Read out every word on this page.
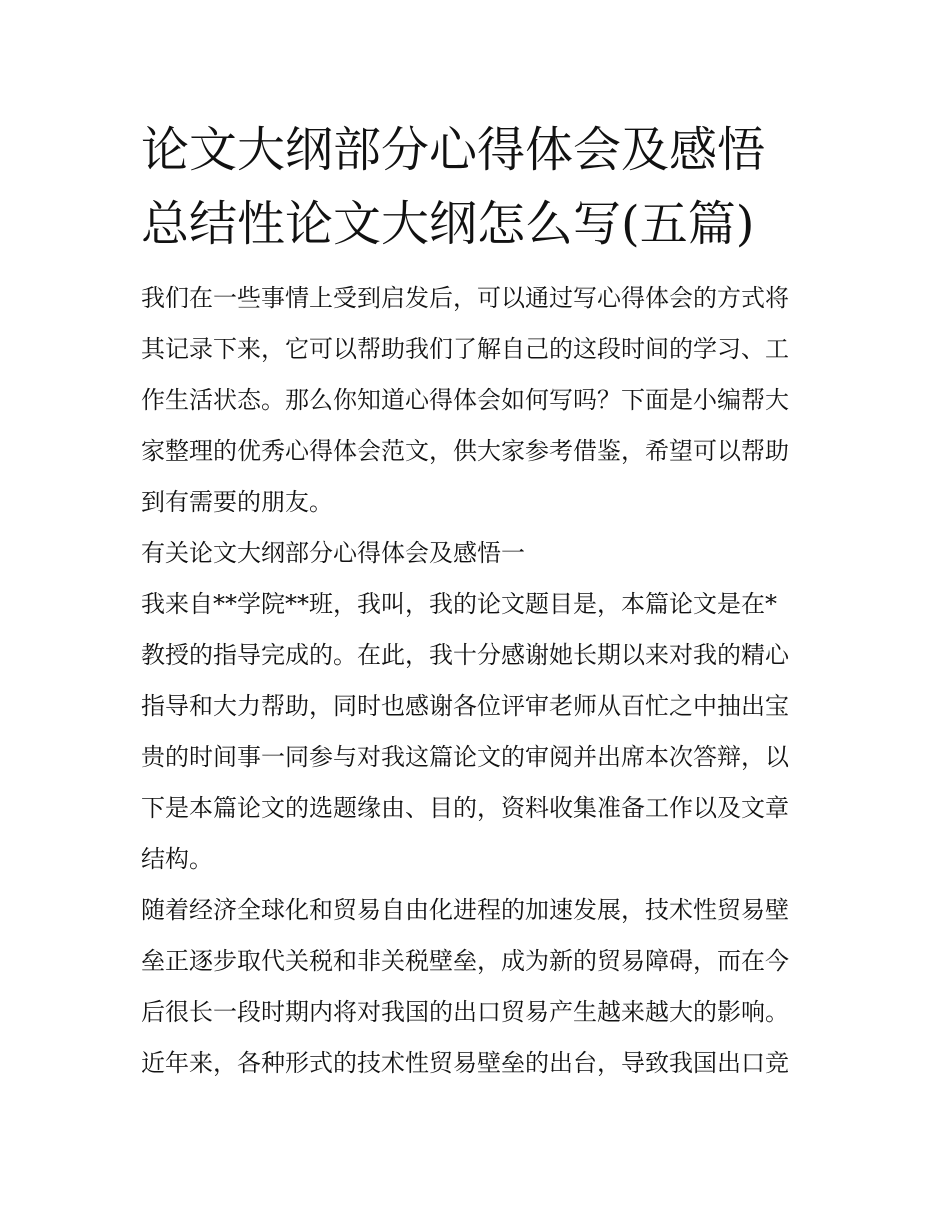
论文大纲部分心得体会及感悟
总结性论文大纲怎么写(五篇)
我们在一些事情上受到启发后，可以通过写心得体会的方式将
其记录下来，它可以帮助我们了解自己的这段时间的学习、工
作生活状态。那么你知道心得体会如何写吗？下面是小编帮大
家整理的优秀心得体会范文，供大家参考借鉴，希望可以帮助
到有需要的朋友。
有关论文大纲部分心得体会及感悟一
我来自**学院**班，我叫，我的论文题目是，本篇论文是在*
教授的指导完成的。在此，我十分感谢她长期以来对我的精心
指导和大力帮助，同时也感谢各位评审老师从百忙之中抽出宝
贵的时间事一同参与对我这篇论文的审阅并出席本次答辩，以
下是本篇论文的选题缘由、目的，资料收集准备工作以及文章
结构。
随着经济全球化和贸易自由化进程的加速发展，技术性贸易壁
垒正逐步取代关税和非关税壁垒，成为新的贸易障碍，而在今
后很长一段时期内将对我国的出口贸易产生越来越大的影响。
近年来，各种形式的技术性贸易壁垒的出台，导致我国出口竞
